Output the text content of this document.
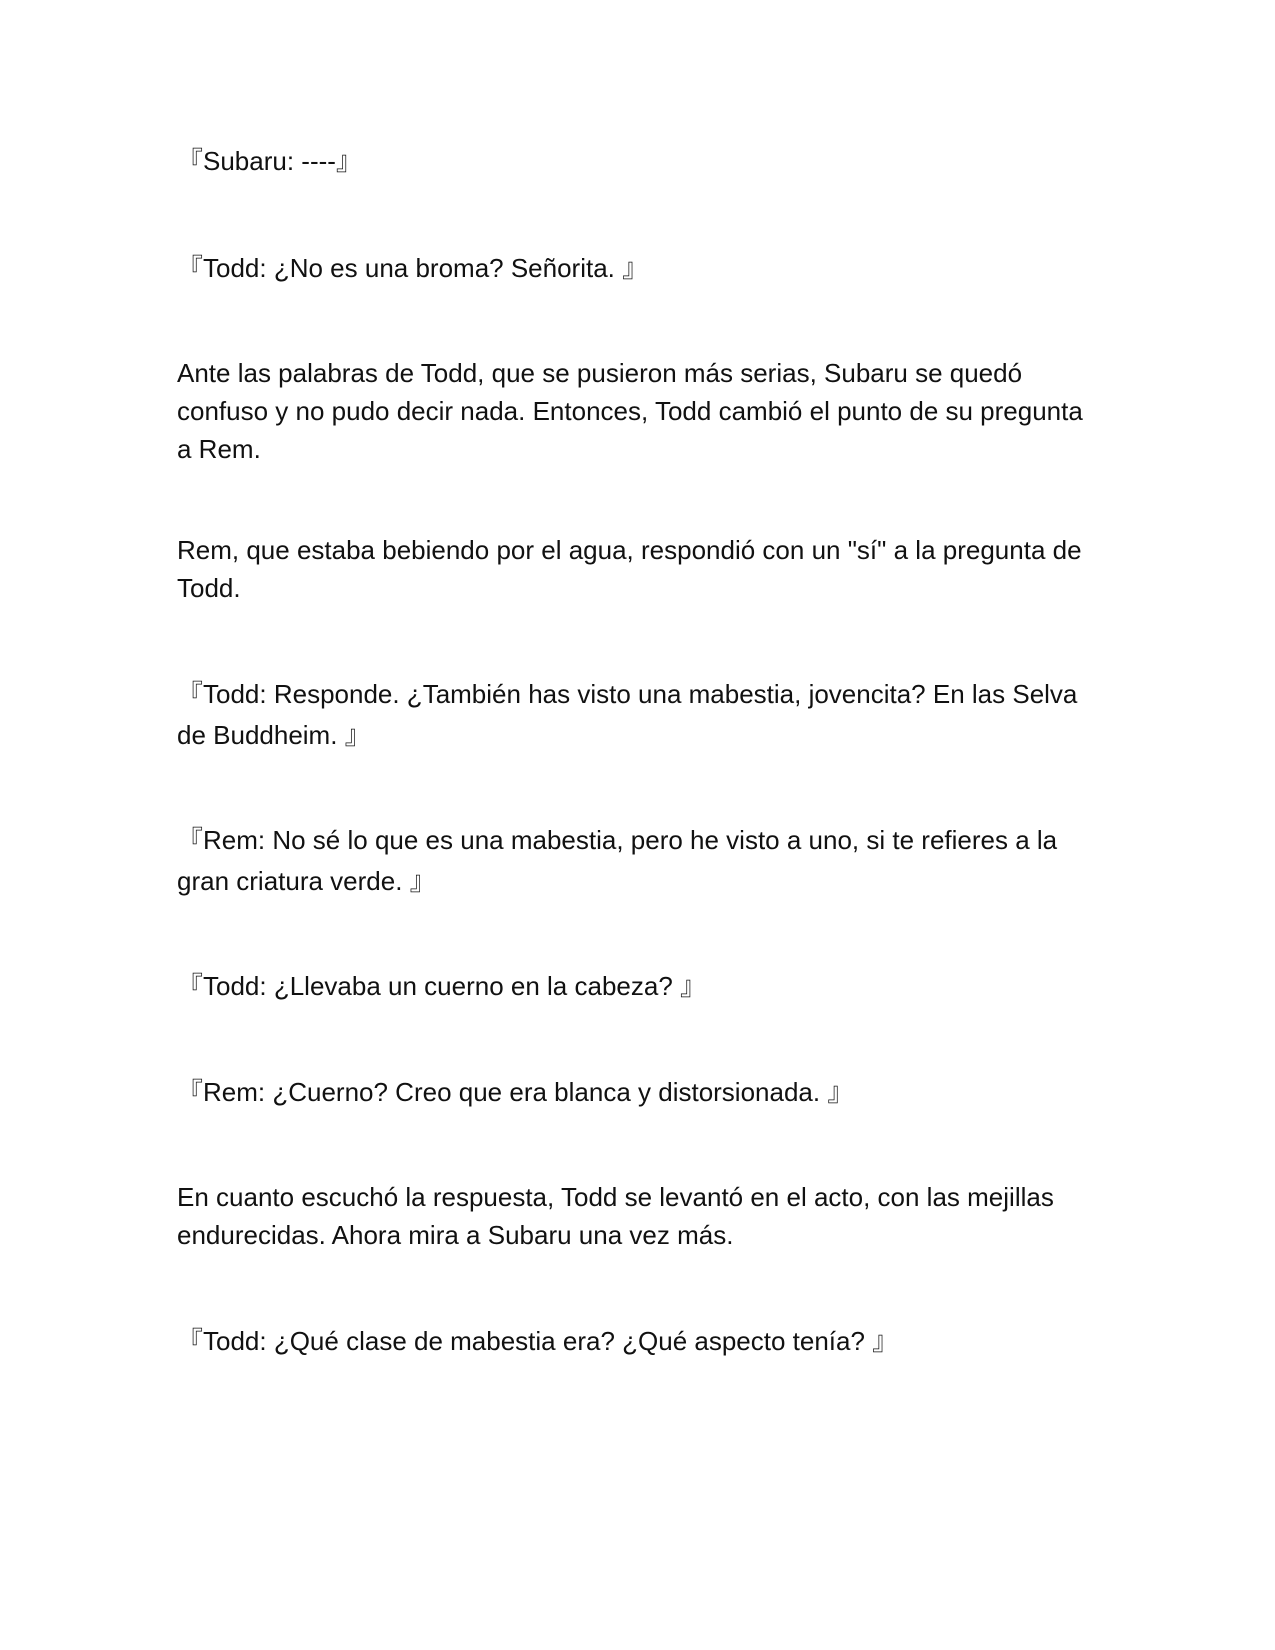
『Subaru: ----』

『Todd: ¿No es una broma? Señorita. 』

Ante las palabras de Todd, que se pusieron más serias, Subaru se quedó confuso y no pudo decir nada. Entonces, Todd cambió el punto de su pregunta a Rem.

Rem, que estaba bebiendo por el agua, respondió con un "sí" a la pregunta de Todd.

『Todd: Responde. ¿También has visto una mabestia, jovencita? En las Selva de Buddheim. 』

『Rem: No sé lo que es una mabestia, pero he visto a uno, si te refieres a la gran criatura verde. 』

『Todd: ¿Llevaba un cuerno en la cabeza? 』

『Rem: ¿Cuerno? Creo que era blanca y distorsionada. 』

En cuanto escuchó la respuesta, Todd se levantó en el acto, con las mejillas endurecidas. Ahora mira a Subaru una vez más.

『Todd: ¿Qué clase de mabestia era? ¿Qué aspecto tenía? 』
